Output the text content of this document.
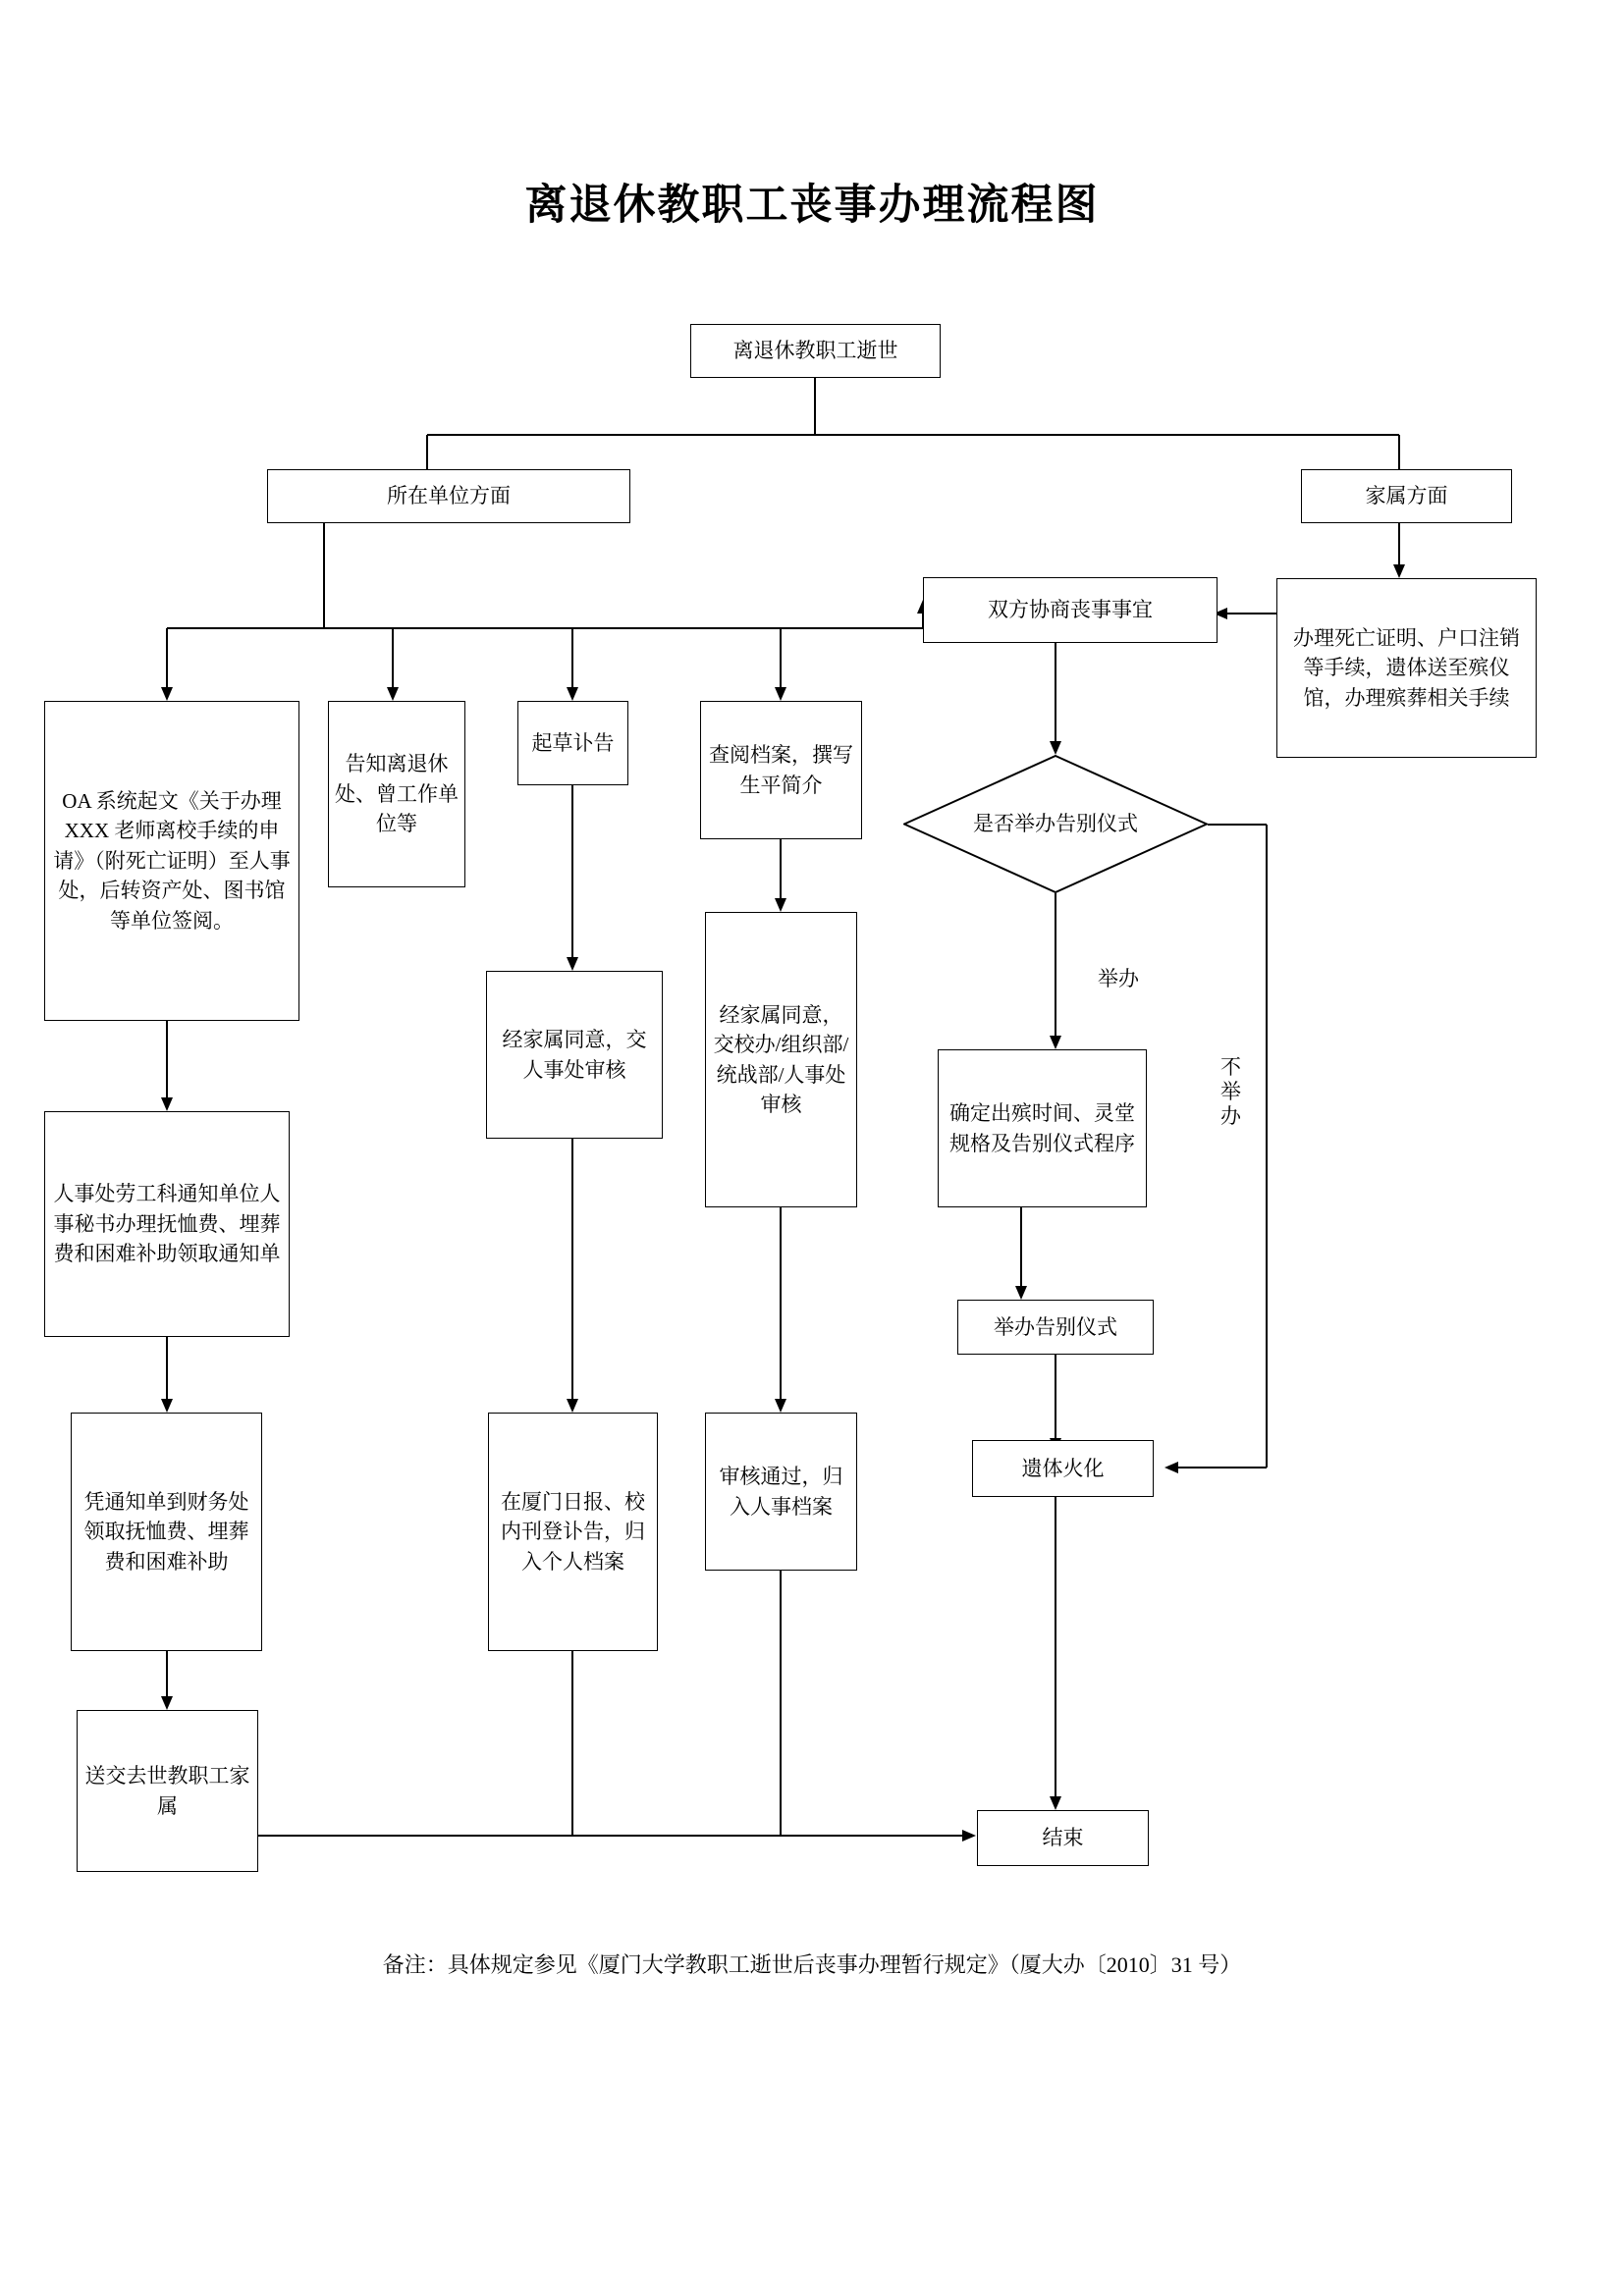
离退休教职工丧事办理流程图
离退休教职工逝世
所在单位方面	家属方面
双方协商丧事事宜
办理死亡证明、户口注销等手续，遗体送至殡仪馆，办理殡葬相关手续
OA 系统起文《关于办理 XXX 老师离校手续的申请》（附死亡证明）至人事处，后转资产处、图书馆等单位签阅。
告知离退休处、曾工作单位等
起草讣告
查阅档案，撰写生平简介
是否举办告别仪式
举办
不举办
人事处劳工科通知单位人事秘书办理抚恤费、埋葬费和困难补助领取通知单
经家属同意，交人事处审核
经家属同意，交校办/组织部/统战部/人事处审核	确定出殡时间、灵堂规格及告别仪式程序
举办告别仪式
遗体火化
凭通知单到财务处领取抚恤费、埋葬费和困难补助
在厦门日报、校内刊登讣告，归入个人档案
审核通过，归入人事档案
送交去世教职工家属
结束
备注：具体规定参见《厦门大学教职工逝世后丧事办理暂行规定》（厦大办〔2010〕31 号）
